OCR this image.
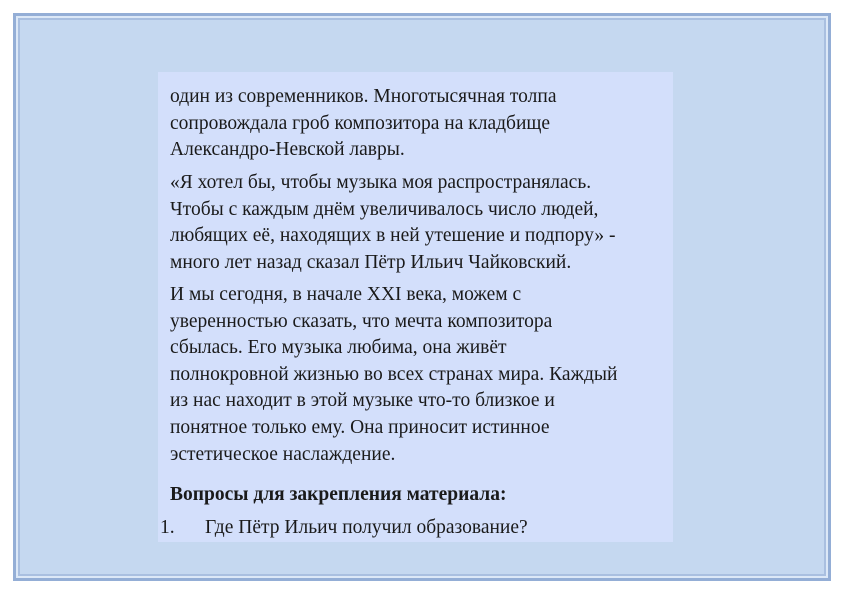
один из современников. Многотысячная толпа
сопровождала гроб композитора на кладбище
Александро-Невской лавры.

«Я хотел бы, чтобы музыка моя распространялась.
Чтобы с каждым днём увеличивалось число людей,
любящих её, находящих в ней утешение и подпору» -
много лет назад сказал Пётр Ильич Чайковский.

И мы сегодня, в начале XXI века, можем с
уверенностью сказать, что мечта композитора
сбылась. Его музыка любима, она живёт
полнокровной жизнью во всех странах мира. Каждый
из нас находит в этой музыке что-то близкое и
понятное только ему. Она приносит истинное
эстетическое наслаждение.

Вопросы для закрепления материала:

1. Где Пётр Ильич получил образование?
